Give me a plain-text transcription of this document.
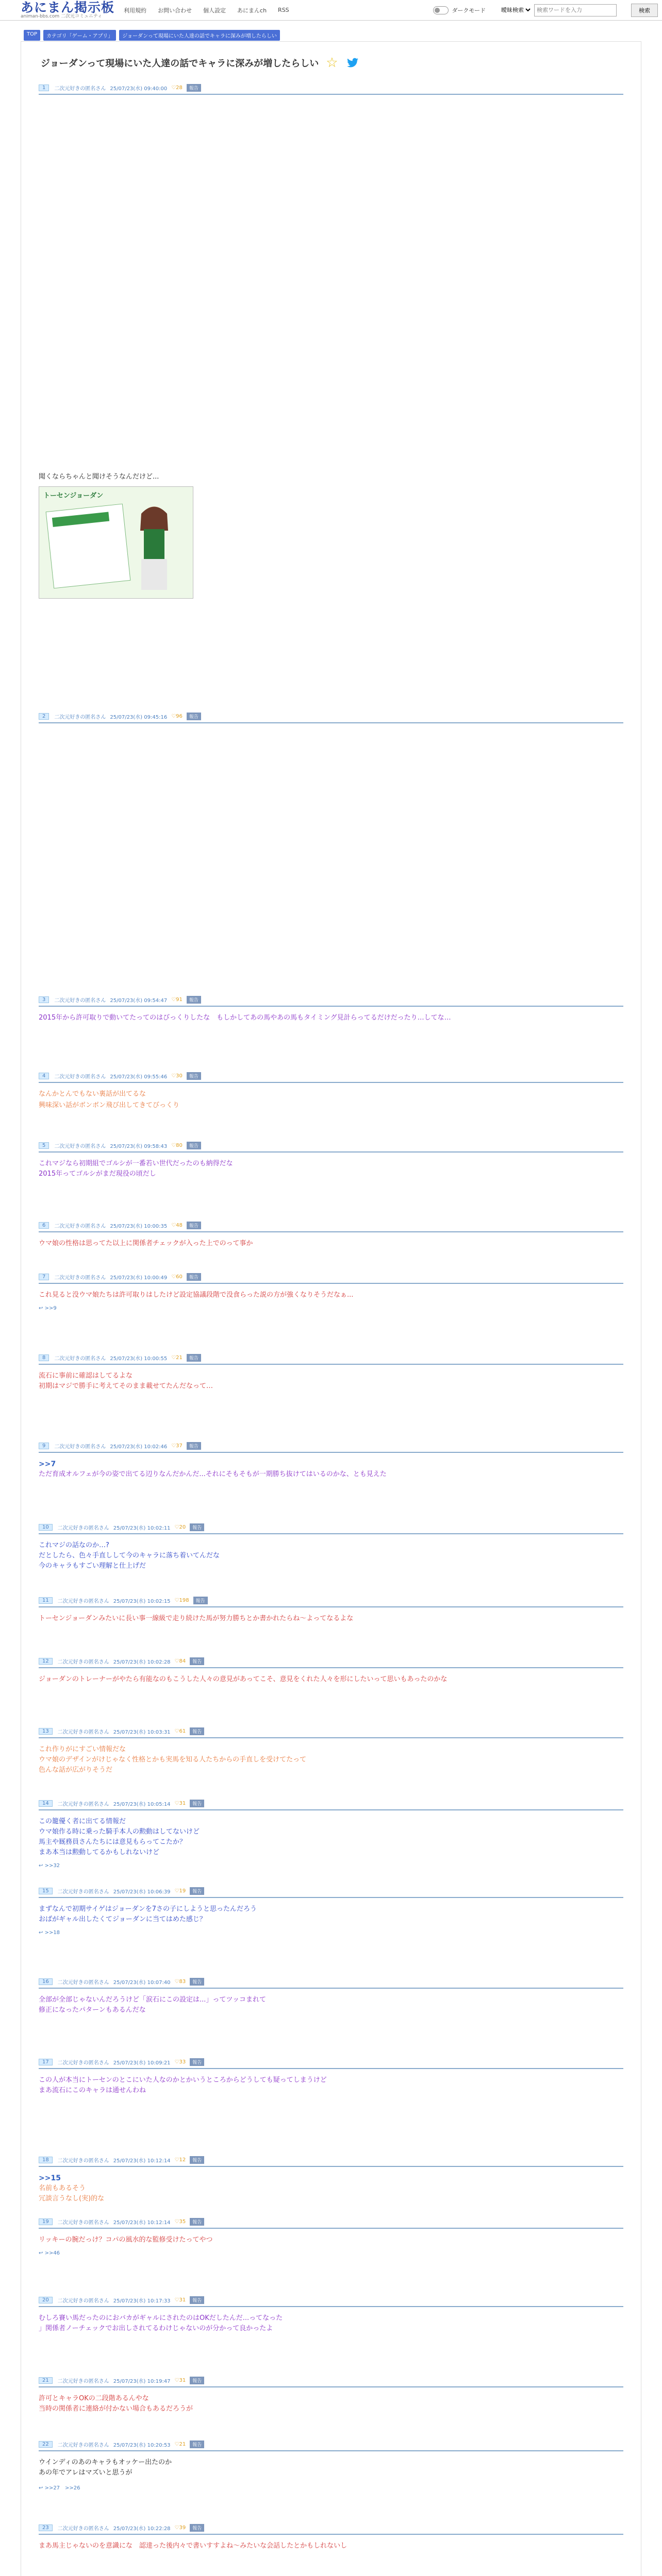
あにまん掲示板
animan-bbs.com 二次元コミュニティ
利用規約 お問い合わせ 個人設定 あにまんch RSS	ダークモード
曖昧検索
検索ワードを入力	検索
TOP	カテゴリ「ゲーム・アプリ」	ジョーダンって現場にいた人達の話でキャラに深みが増したらしい
ジョーダンって現場にいた人達の話でキャラに深みが増したらしい ☆
1	二次元好きの匿名さん 25/07/23(水) 09:40:00 ♡28	報告
聞くならちゃんと聞けそうなんだけど...
トーセンジョーダン
2	二次元好きの匿名さん 25/07/23(水) 09:45:16 ♡96	報告
興味深い話がボンボン飛び出してきてびっくり
3	二次元好きの匿名さん 25/07/23(水) 09:54:47 ♡91	報告
2015年から許可取りで動いてたってのはびっくりしたな　もしかしてあの馬やあの馬もタイミング見計らってるだけだったり…してな…
4	二次元好きの匿名さん 25/07/23(水) 09:55:46 ♡30	報告
なんかとんでもない裏話が出てるな
5	二次元好きの匿名さん 25/07/23(水) 09:58:43 ♡80	報告
これマジなら初期組でゴルシが一番若い世代だったのも納得だな
2015年ってゴルシがまだ現役の頃だし
6	二次元好きの匿名さん 25/07/23(水) 10:00:35 ♡48	報告
ウマ娘の性格は思ってた以上に関係者チェックが入った上でのって事か
7	二次元好きの匿名さん 25/07/23(水) 10:00:49 ♡60	報告
これ見ると没ウマ娘たちは許可取りはしたけど設定協議段階で没食らった説の方が強くなりそうだなぁ...
↩ >>9
8	二次元好きの匿名さん 25/07/23(水) 10:00:55 ♡21	報告
流石に事前に確認はしてるよな
初期はマジで勝手に考えてそのまま載せてたんだなって…
9	二次元好きの匿名さん 25/07/23(水) 10:02:46 ♡37	報告
>>7
ただ育成オルフェが今の姿で出てる辺りなんだかんだ...それにそもそもが一期勝ち抜けてはいるのかな、とも見えた
10	二次元好きの匿名さん 25/07/23(水) 10:02:11 ♡20	報告
これマジの話なのか…?
だとしたら、色々手直しして今のキャラに落ち着いてんだな
今のキャラもすごい理解と仕上げだ
11	二次元好きの匿名さん 25/07/23(水) 10:02:15 ♡198	報告
トーセンジョーダンみたいに長い事一線級で走り続けた馬が努力勝ちとか書かれたらね～よってなるよな
12	二次元好きの匿名さん 25/07/23(水) 10:02:28 ♡84	報告
ジョーダンのトレーナーがやたら有能なのもこうした人々の意見があってこそ、意見をくれた人々を形にしたいって思いもあったのかな
13	二次元好きの匿名さん 25/07/23(水) 10:03:31 ♡61	報告
これ作りがにすごい情報だな
ウマ娘のデザインがけじゃなく性格とかも実馬を知る人たちからの手直しを受けてたって
色んな話が広がりそうだ
14	二次元好きの匿名さん 25/07/23(水) 10:05:14 ♡31	報告
この籠優く者に出てる情報だ
ウマ娘作る時に乗った騎手本人の勲動はしてないけど
馬主や厩務員さんたちには意見もらってこたか？
まあ本当は勲動してるかもしれないけど
↩ >>32
15	二次元好きの匿名さん 25/07/23(水) 10:06:39 ♡19	報告
まずなんで初期サイゲはジョーダンを7さの子にしようと思ったんだろう
おばがギャル出したくてジョーダンに当てはめた感じ？
↩ >>18
16	二次元好きの匿名さん 25/07/23(水) 10:07:40 ♡83	報告
全部が全部じゃないんだろうけど「涙石にこの設定は...」ってツッコまれて
修正になったパターンもあるんだな
17	二次元好きの匿名さん 25/07/23(水) 10:09:21 ♡33	報告
この人が本当にトーセンのとこにいた人なのかとかいうところからどうしても疑ってしまうけど
まあ流石にこのキャラは通せんわね
18	二次元好きの匿名さん 25/07/23(水) 10:12:14 ♡12	報告
>>15
名前もあるそう
冗談言うなし(実)的な
19	二次元好きの匿名さん 25/07/23(水) 10:12:14 ♡35	報告
リッキーの腕だっけ？コパの風水的な監修受けたってやつ
↩ >>46
20	二次元好きの匿名さん 25/07/23(水) 10:17:33 ♡31	報告
むしろ賽い馬だったのにおバカがギャルにされたのはOKだしたんだ...ってなった
」関係者ノーチェックでお出しされてるわけじゃないのが分かって良かったよ
21	二次元好きの匿名さん 25/07/23(水) 10:19:47 ♡31	報告
許可とキャラOKの二段階あるんやな
当時の関係者に連絡が付かない場合もあるだろうが
22	二次元好きの匿名さん 25/07/23(水) 10:20:53 ♡21	報告
ウインディのあのキャラもオッケー出たのか
あの年でアレはマズいと思うが
↩ >>27　>>26
23	二次元好きの匿名さん 25/07/23(水) 10:22:28 ♡39	報告
まあ馬主じゃないのを意識にな　認達った後内々で書いすすよね〜みたいな会話したとかもしれないし
